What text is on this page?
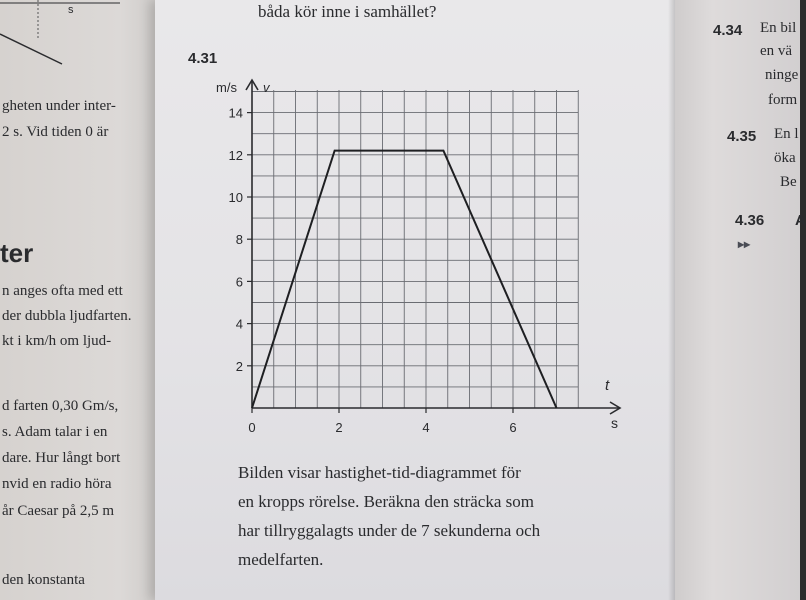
s
gheten under inter-
2 s. Vid tiden 0 är
ter
n anges ofta med ett
der dubbla ljudfarten.
kt i km/h om ljud-
d farten 0,30 Gm/s,
s. Adam talar i en
dare. Hur långt bort
nvid en radio höra
år Caesar på 2,5 m
den konstanta
båda kör inne i samhället?
4.31
2
4
6
8
10
12
14
0	2	4	6
m/s v
t
s
Bilden visar hastighet-tid-diagrammet för
en kropps rörelse. Beräkna den sträcka som
har tillryggalagts under de 7 sekunderna och
medelfarten.
4.34 En bil
en vä
ninge
form
4.35 En l
öka
Be
4.36 A
▸▸
